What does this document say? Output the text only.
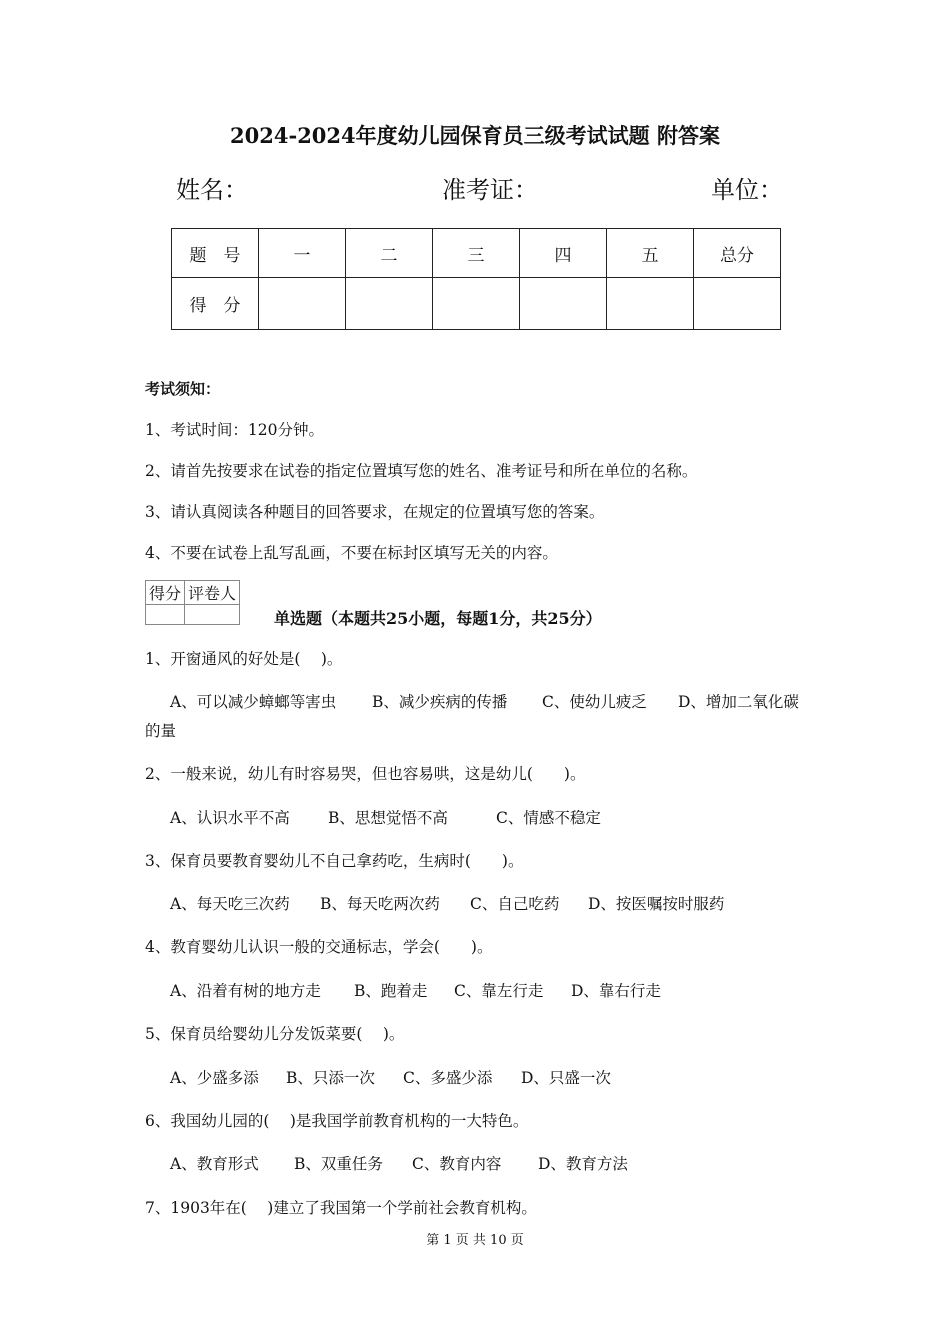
2024-2024年度幼儿园保育员三级考试试题 附答案
姓名：	准考证：	单位：
题　号	一	二	三	四	五	总分
得　分						
考试须知：
1、考试时间：120分钟。
2、请首先按要求在试卷的指定位置填写您的姓名、准考证号和所在单位的名称。
3、请认真阅读各种题目的回答要求，在规定的位置填写您的答案。
4、不要在试卷上乱写乱画，不要在标封区填写无关的内容。
得分	评卷人

单选题（本题共25小题，每题1分，共25分）
1、开窗通风的好处是(　 )。
A、可以减少蟑螂等害虫 B、减少疾病的传播 C、使幼儿疲乏 D、增加二氧化碳
的量
2、一般来说，幼儿有时容易哭，但也容易哄，这是幼儿(　　)。
A、认识水平不高 B、思想觉悟不高	C、情感不稳定
3、保育员要教育婴幼儿不自己拿药吃，生病时(　　)。
A、每天吃三次药 B、每天吃两次药 C、自己吃药 D、按医嘱按时服药
4、教育婴幼儿认识一般的交通标志，学会(　　)。
A、沿着有树的地方走 B、跑着走 C、靠左行走 D、靠右行走
5、保育员给婴幼儿分发饭菜要(　 )。
A、少盛多添 B、只添一次 C、多盛少添 D、只盛一次
6、我国幼儿园的(　 )是我国学前教育机构的一大特色。
A、教育形式 B、双重任务 C、教育内容 D、教育方法
7、1903年在(　 )建立了我国第一个学前社会教育机构。
第 1 页 共 10 页
